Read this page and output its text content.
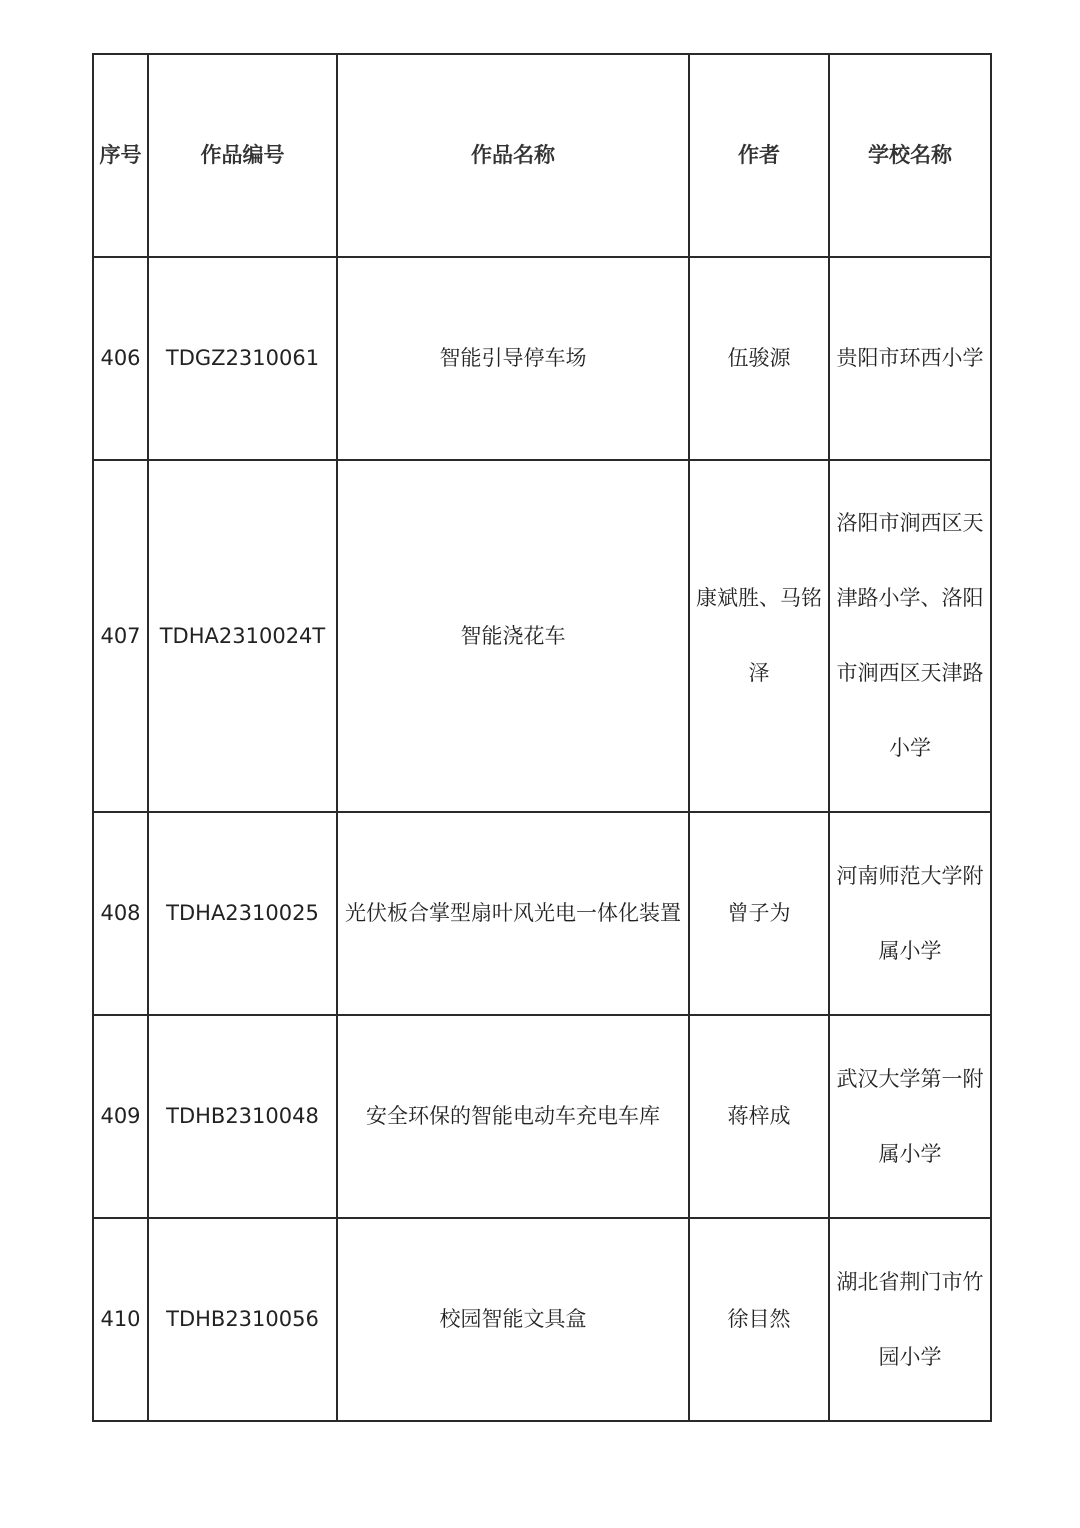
序号	作品编号	作品名称	作者	学校名称
406	TDGZ2310061	智能引导停车场	伍骏源	贵阳市环西小学
407	TDHA2310024T	智能浇花车	康斌胜、马铭泽	洛阳市涧西区天津路小学、洛阳市涧西区天津路小学
408	TDHA2310025	光伏板合掌型扇叶风光电一体化装置	曾子为	河南师范大学附属小学
409	TDHB2310048	安全环保的智能电动车充电车库	蒋梓成	武汉大学第一附属小学
410	TDHB2310056	校园智能文具盒	徐目然	湖北省荆门市竹园小学
